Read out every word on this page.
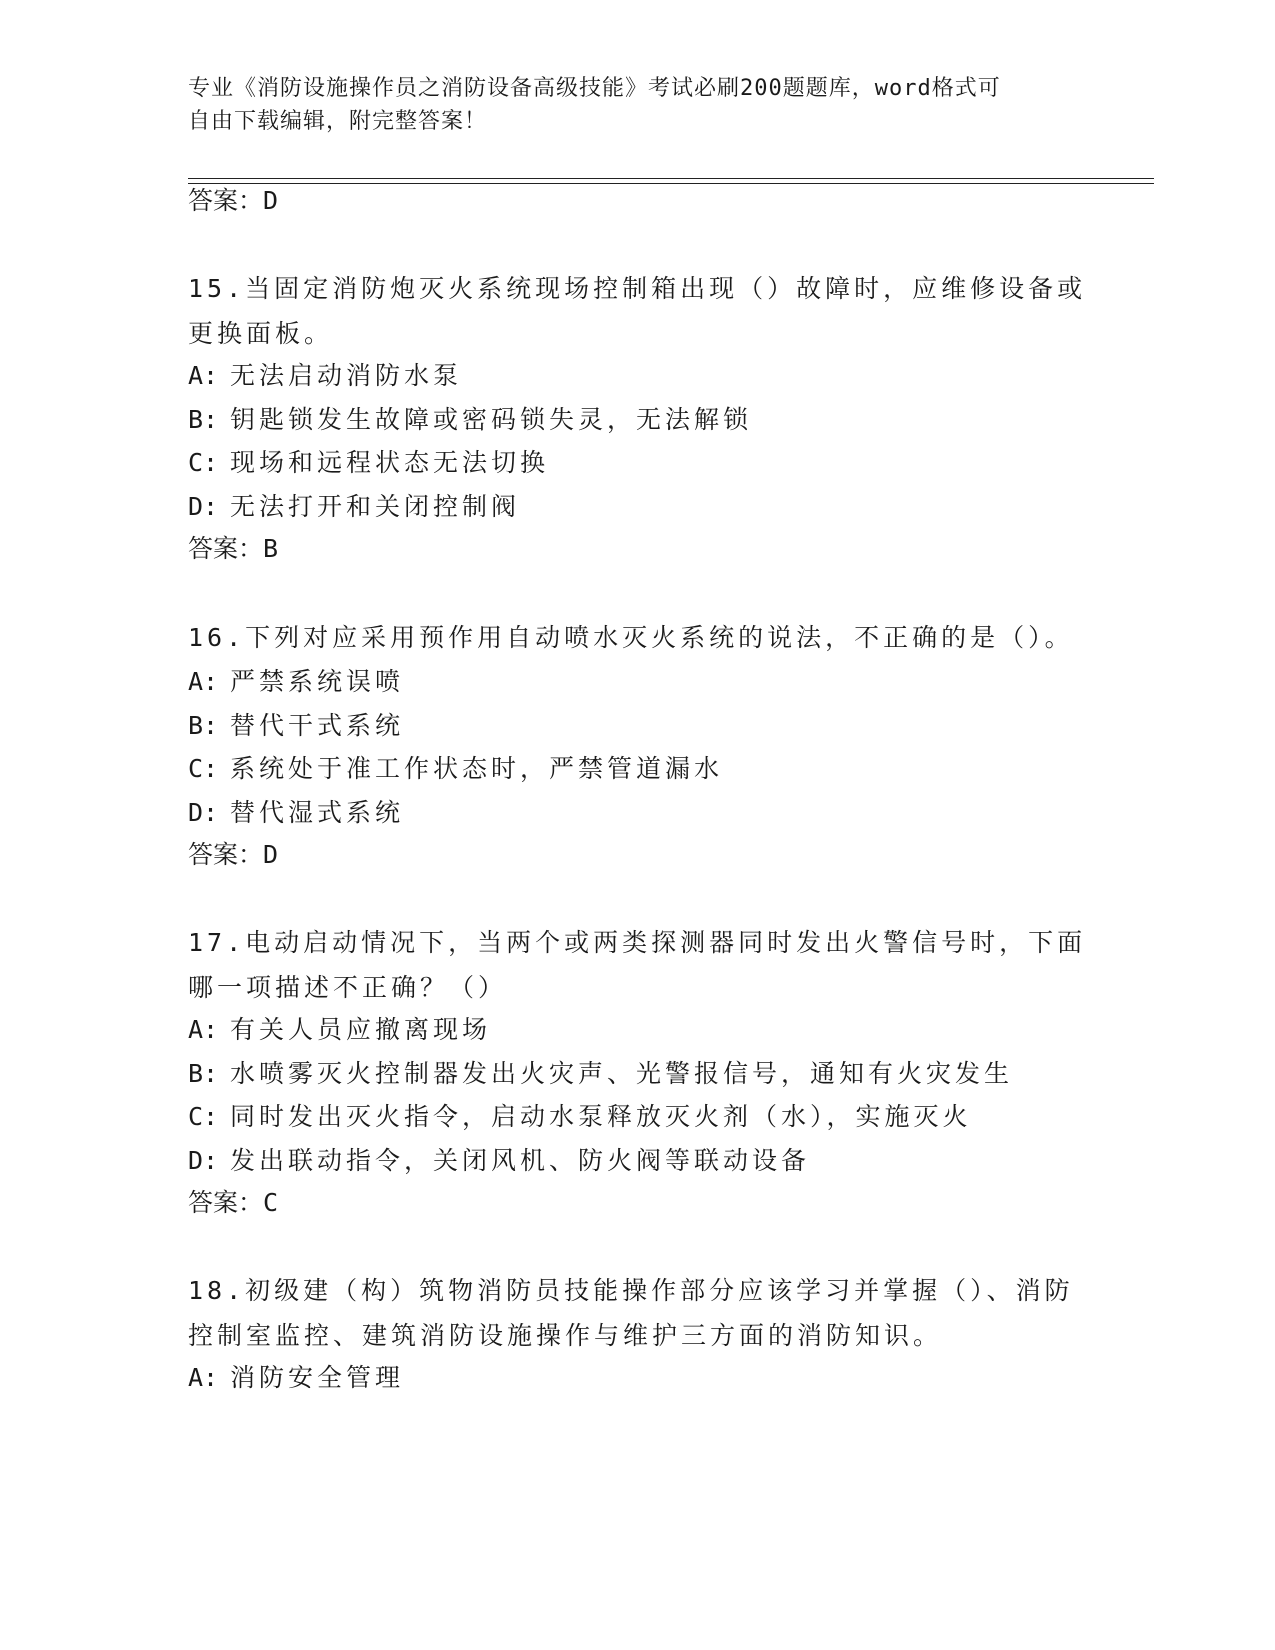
专业《消防设施操作员之消防设备高级技能》考试必刷200题题库，word格式可
自由下载编辑，附完整答案！
答案：D
15.当固定消防炮灭火系统现场控制箱出现（）故障时，应维修设备或
更换面板。
A: 无法启动消防水泵
B: 钥匙锁发生故障或密码锁失灵，无法解锁
C: 现场和远程状态无法切换
D: 无法打开和关闭控制阀
答案：B
16.下列对应采用预作用自动喷水灭火系统的说法，不正确的是（）。
A: 严禁系统误喷
B: 替代干式系统
C: 系统处于准工作状态时，严禁管道漏水
D: 替代湿式系统
答案：D
17.电动启动情况下，当两个或两类探测器同时发出火警信号时，下面
哪一项描述不正确？（）
A: 有关人员应撤离现场
B: 水喷雾灭火控制器发出火灾声、光警报信号，通知有火灾发生
C: 同时发出灭火指令，启动水泵释放灭火剂（水），实施灭火
D: 发出联动指令，关闭风机、防火阀等联动设备
答案：C
18.初级建（构）筑物消防员技能操作部分应该学习并掌握（）、消防
控制室监控、建筑消防设施操作与维护三方面的消防知识。
A: 消防安全管理
